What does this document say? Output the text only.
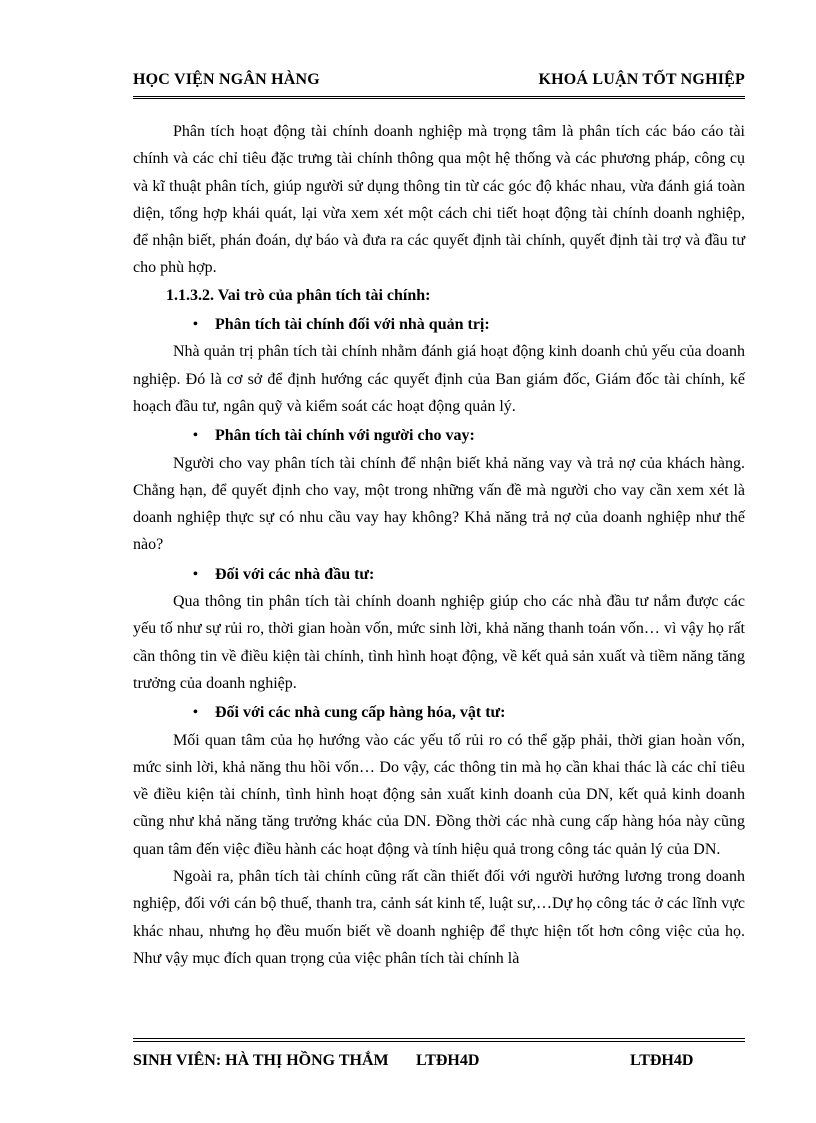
HỌC VIỆN NGÂN HÀNG	KHOÁ LUẬN TỐT NGHIỆP

Phân tích hoạt động tài chính doanh nghiệp mà trọng tâm là phân tích các báo cáo tài chính và các chỉ tiêu đặc trưng tài chính thông qua một hệ thống và các phương pháp, công cụ và kĩ thuật phân tích, giúp người sử dụng thông tin từ các góc độ khác nhau, vừa đánh giá toàn diện, tổng hợp khái quát, lại vừa xem xét một cách chi tiết hoạt động tài chính doanh nghiệp, để nhận biết, phán đoán, dự báo và đưa ra các quyết định tài chính, quyết định tài trợ và đầu tư cho phù hợp.

1.1.3.2. Vai trò của phân tích tài chính:

• Phân tích tài chính đối với nhà quản trị:

Nhà quản trị phân tích tài chính nhằm đánh giá hoạt động kinh doanh chủ yếu của doanh nghiệp. Đó là cơ sở để định hướng các quyết định của Ban giám đốc, Giám đốc tài chính, kế hoạch đầu tư, ngân quỹ và kiểm soát các hoạt động quản lý.

• Phân tích tài chính với người cho vay:

Người cho vay phân tích tài chính để nhận biết khả năng vay và trả nợ của khách hàng. Chẳng hạn, để quyết định cho vay, một trong những vấn đề mà người cho vay cần xem xét là doanh nghiệp thực sự có nhu cầu vay hay không? Khả năng trả nợ của doanh nghiệp như thế nào?

• Đối với các nhà đầu tư:

Qua thông tin phân tích tài chính doanh nghiệp giúp cho các nhà đầu tư nắm được các yếu tố như sự rủi ro, thời gian hoàn vốn, mức sinh lời, khả năng thanh toán vốn… vì vậy họ rất cần thông tin về điều kiện tài chính, tình hình hoạt động, về kết quả sản xuất và tiềm năng tăng trưởng của doanh nghiệp.

• Đối với các nhà cung cấp hàng hóa, vật tư:

Mối quan tâm của họ hướng vào các yếu tố rủi ro có thể gặp phải, thời gian hoàn vốn, mức sinh lời, khả năng thu hồi vốn… Do vậy, các thông tin mà họ cần khai thác là các chỉ tiêu về điều kiện tài chính, tình hình hoạt động sản xuất kinh doanh của DN, kết quả kinh doanh cũng như khả năng tăng trưởng khác của DN. Đồng thời các nhà cung cấp hàng hóa này cũng quan tâm đến việc điều hành các hoạt động và tính hiệu quả trong công tác quản lý của DN.

Ngoài ra, phân tích tài chính cũng rất cần thiết đối với người hưởng lương trong doanh nghiệp, đối với cán bộ thuế, thanh tra, cảnh sát kinh tế, luật sư,…Dự họ công tác ở các lĩnh vực khác nhau, nhưng họ đều muốn biết về doanh nghiệp để thực hiện tốt hơn công việc của họ. Như vậy mục đích quan trọng của việc phân tích tài chính là

SINH VIÊN: HÀ THỊ HỒNG THẮM LTĐH4D	LTĐH4D
